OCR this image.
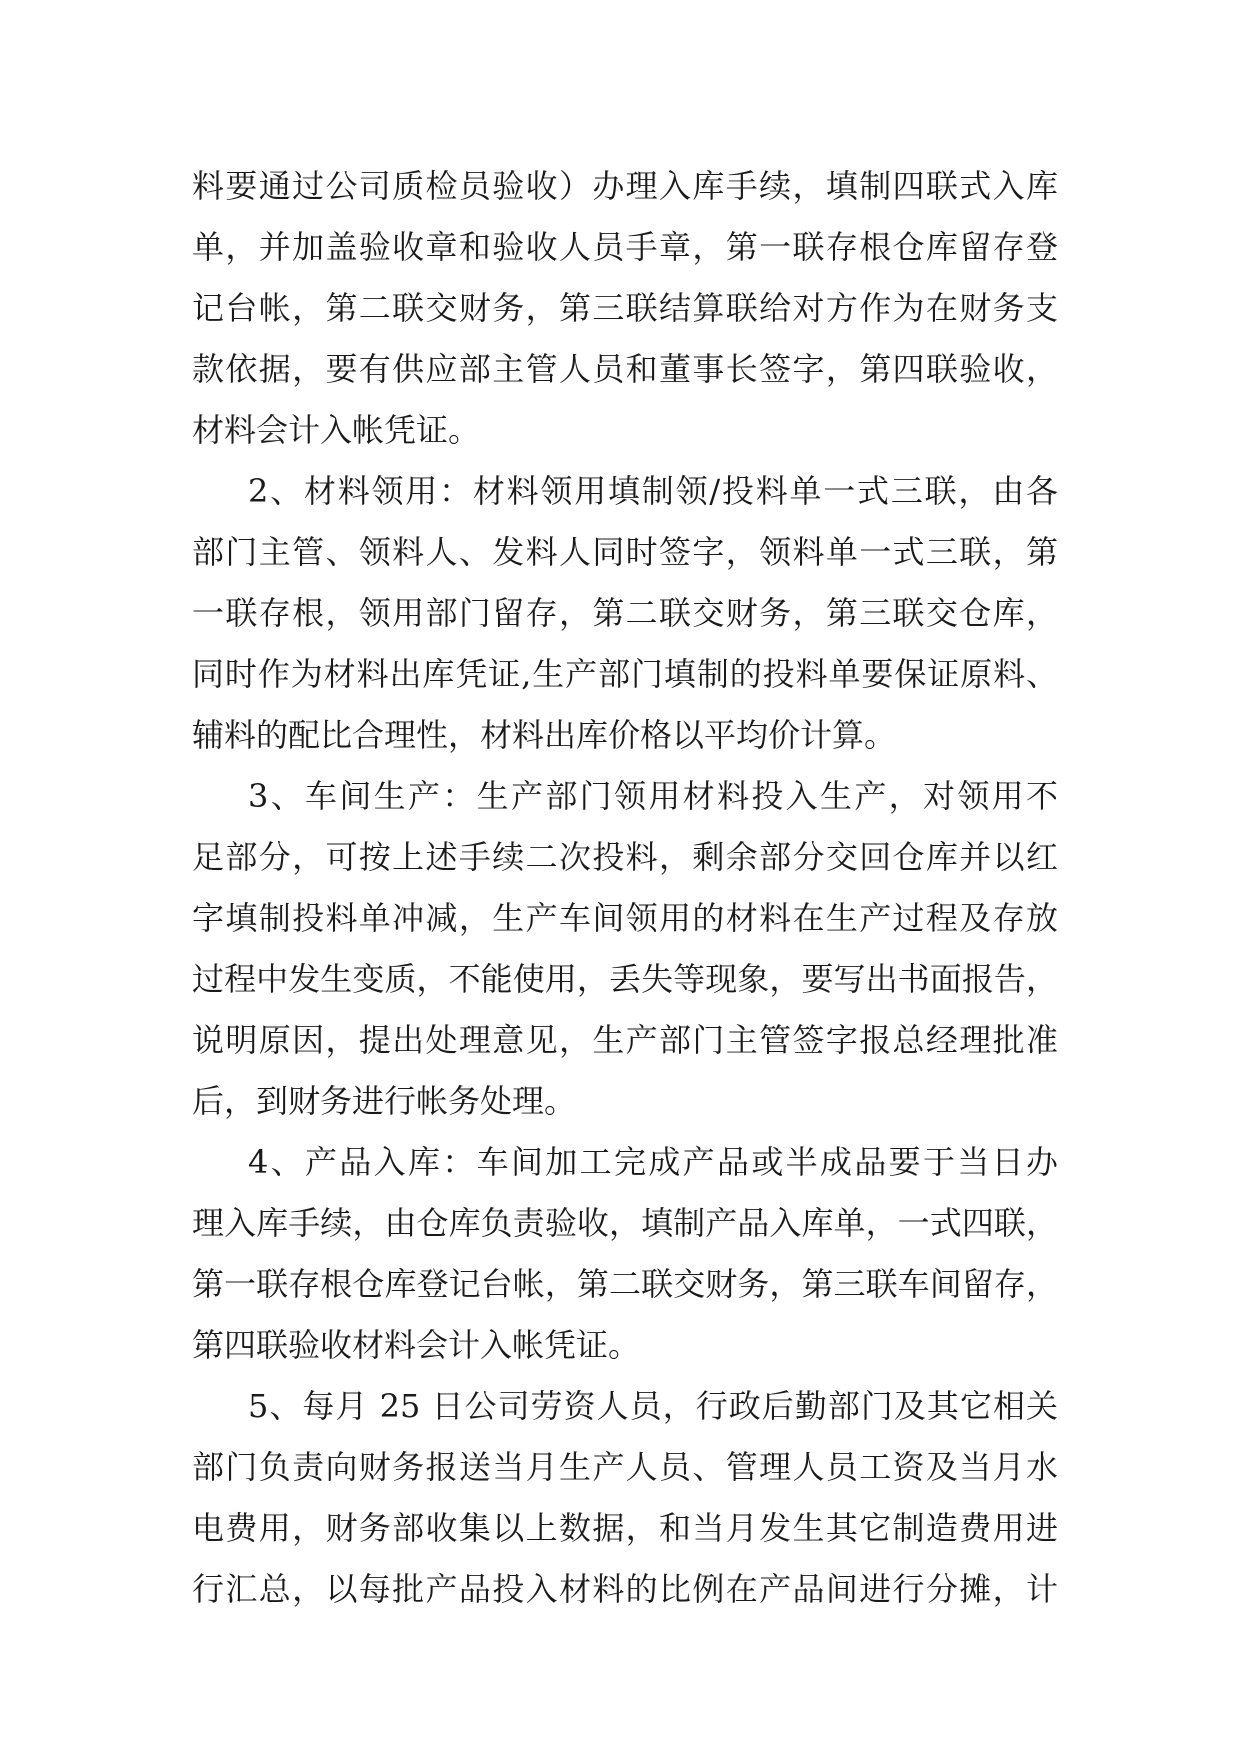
料要通过公司质检员验收）办理入库手续，填制四联式入库
单，并加盖验收章和验收人员手章，第一联存根仓库留存登
记台帐，第二联交财务，第三联结算联给对方作为在财务支
款依据，要有供应部主管人员和董事长签字，第四联验收，
材料会计入帐凭证。
2、材料领用：材料领用填制领/投料单一式三联，由各
部门主管、领料人、发料人同时签字，领料单一式三联，第
一联存根，领用部门留存，第二联交财务，第三联交仓库，
同时作为材料出库凭证,生产部门填制的投料单要保证原料、
辅料的配比合理性，材料出库价格以平均价计算。
3、车间生产：生产部门领用材料投入生产，对领用不
足部分，可按上述手续二次投料，剩余部分交回仓库并以红
字填制投料单冲减，生产车间领用的材料在生产过程及存放
过程中发生变质，不能使用，丢失等现象，要写出书面报告，
说明原因，提出处理意见，生产部门主管签字报总经理批准
后，到财务进行帐务处理。
4、产品入库：车间加工完成产品或半成品要于当日办
理入库手续，由仓库负责验收，填制产品入库单，一式四联，
第一联存根仓库登记台帐，第二联交财务，第三联车间留存，
第四联验收材料会计入帐凭证。
5、每月 25 日公司劳资人员，行政后勤部门及其它相关
部门负责向财务报送当月生产人员、管理人员工资及当月水
电费用，财务部收集以上数据，和当月发生其它制造费用进
行汇总，以每批产品投入材料的比例在产品间进行分摊，计
